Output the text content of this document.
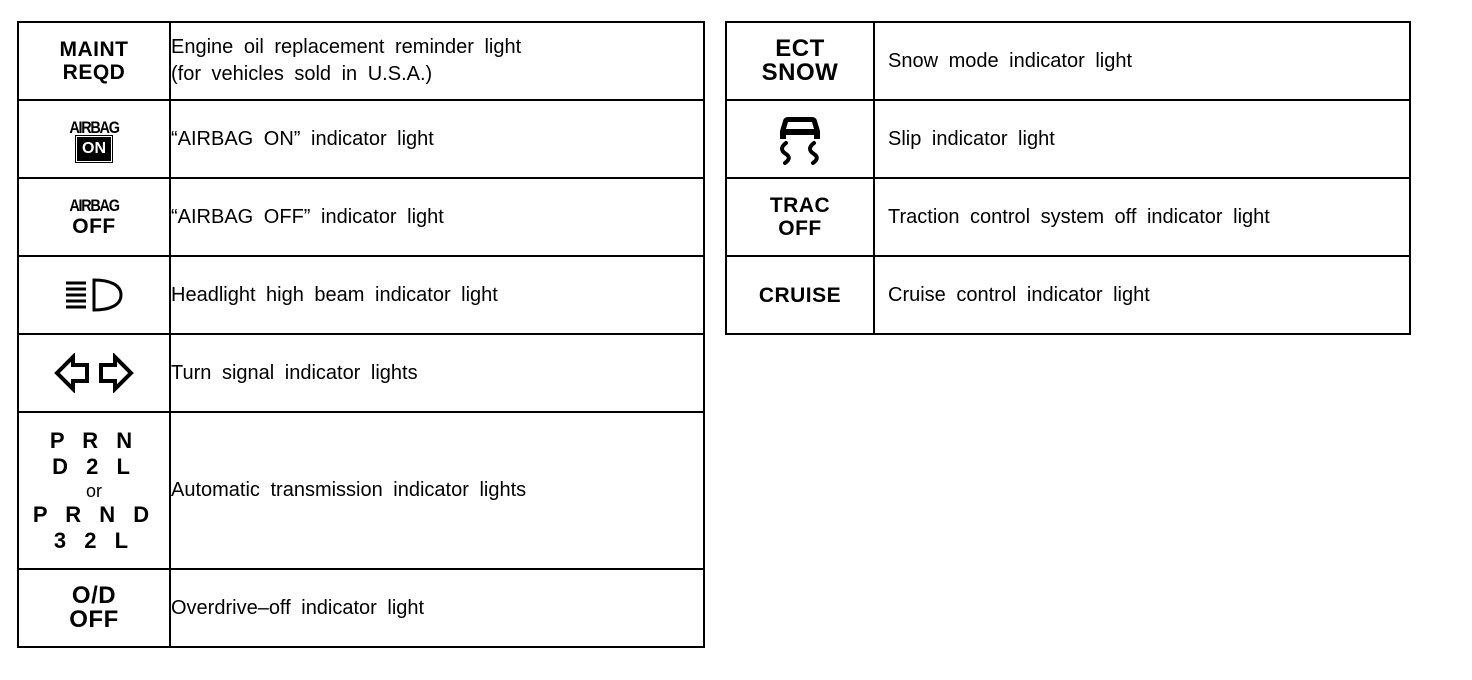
MAINT
REQD	Engine oil replacement reminder light
(for vehicles sold in U.S.A.)

AIRBAG
ON	“AIRBAG ON” indicator light

AIRBAG
OFF	“AIRBAG OFF” indicator light

	Headlight high beam indicator light

	Turn signal indicator lights

P R N
D 2 L
or
P R N D
3 2 L	Automatic transmission indicator lights

O/D
OFF	Overdrive–off indicator light
ECT
SNOW	Snow mode indicator light

	Slip indicator light

TRAC
OFF	Traction control system off indicator light

CRUISE	Cruise control indicator light
